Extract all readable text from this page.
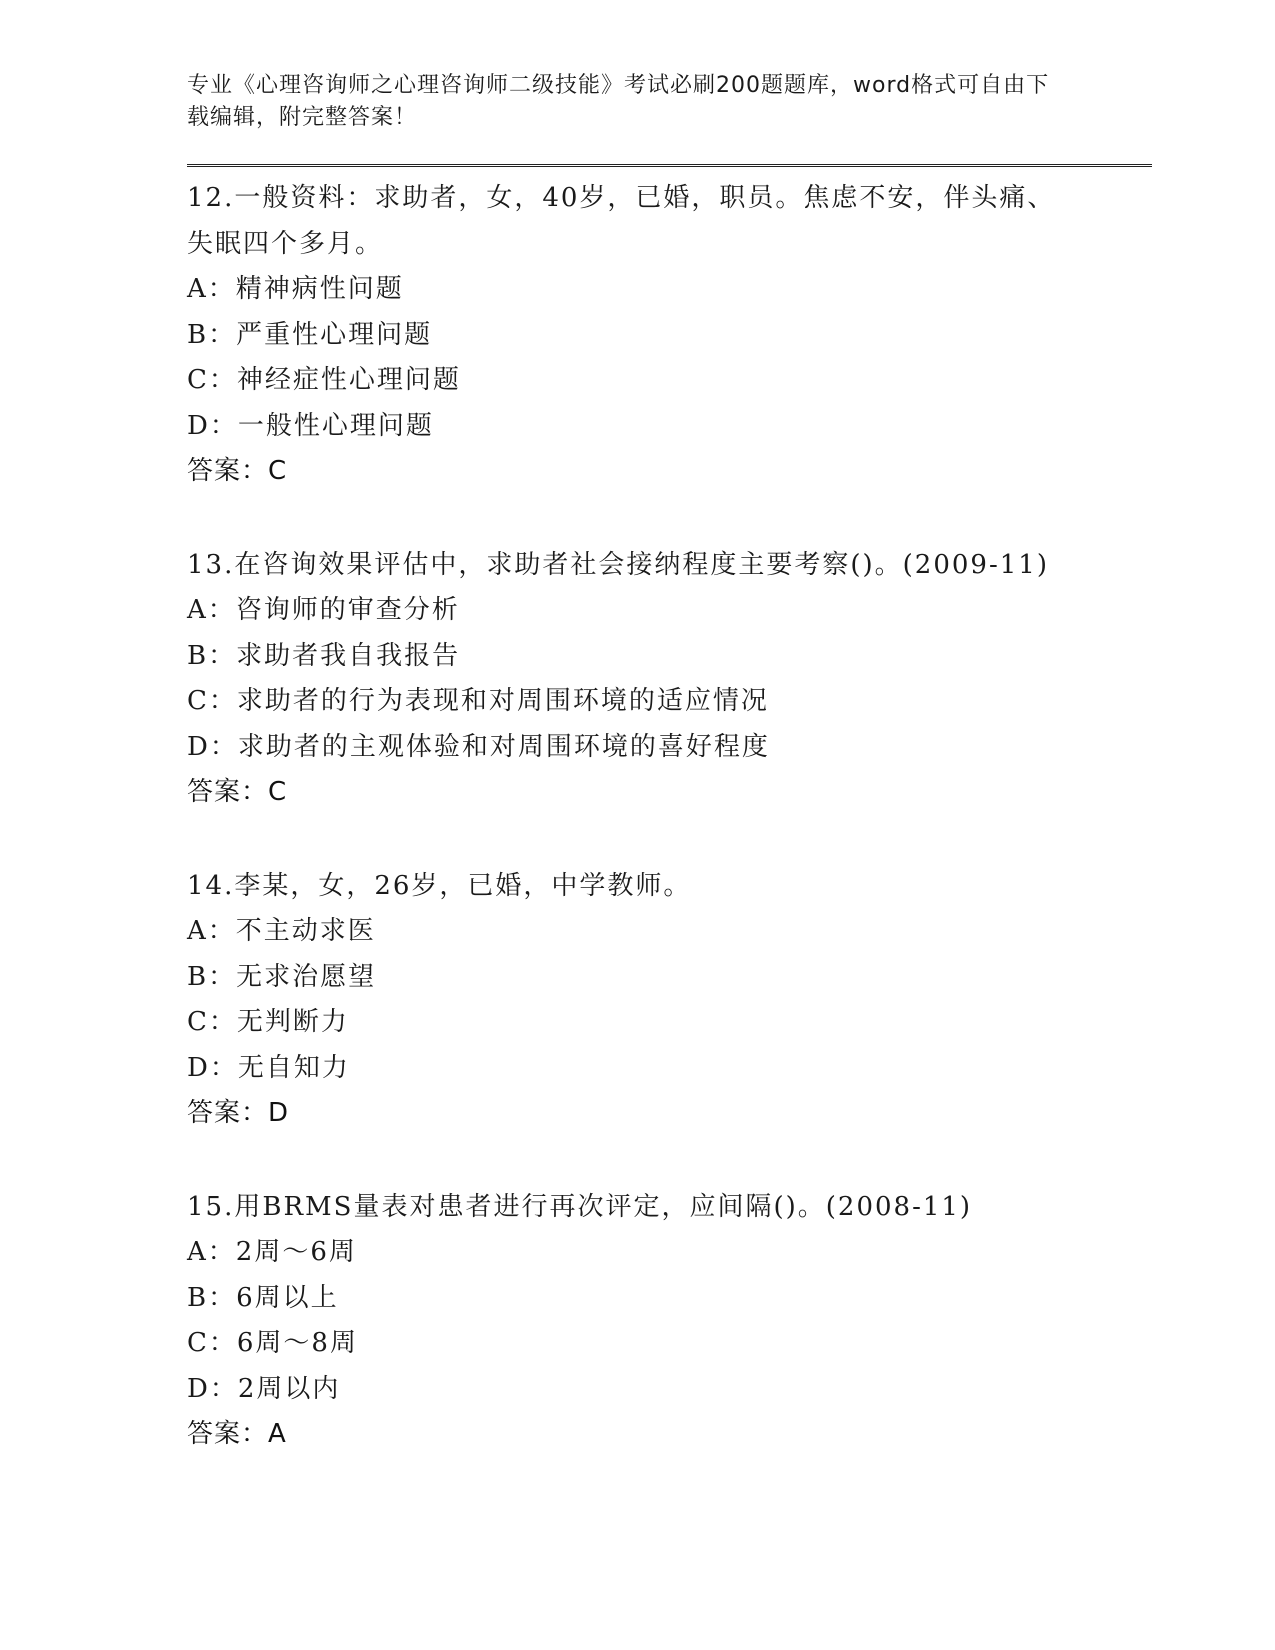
专业《心理咨询师之心理咨询师二级技能》考试必刷200题题库，word格式可自由下载编辑，附完整答案！
12.一般资料：求助者，女，40岁，已婚，职员。焦虑不安，伴头痛、失眠四个多月。
A：精神病性问题
B：严重性心理问题
C：神经症性心理问题
D：一般性心理问题
答案：C
13.在咨询效果评估中，求助者社会接纳程度主要考察()。(2009-11)
A：咨询师的审查分析
B：求助者我自我报告
C：求助者的行为表现和对周围环境的适应情况
D：求助者的主观体验和对周围环境的喜好程度
答案：C
14.李某，女，26岁，已婚，中学教师。
A：不主动求医
B：无求治愿望
C：无判断力
D：无自知力
答案：D
15.用BRMS量表对患者进行再次评定，应间隔()。(2008-11)
A：2周～6周
B：6周以上
C：6周～8周
D：2周以内
答案：A
